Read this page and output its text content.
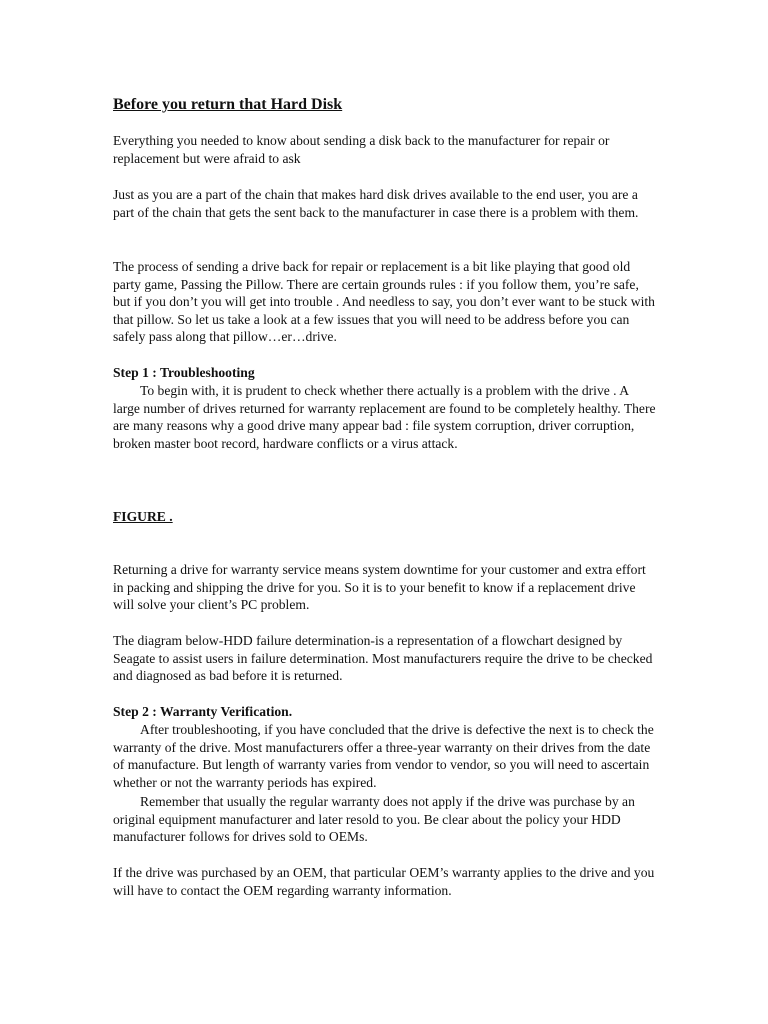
Before you return that Hard Disk

Everything you needed to know about sending a disk back to the manufacturer for repair or replacement but were afraid to ask

Just as you are a part of the chain that makes hard disk drives available to the end user, you are a part of the chain that gets the sent back to the manufacturer in case there is a problem with them.

The process of sending a drive back for repair or replacement is a bit like playing that good old party game, Passing the Pillow. There are certain grounds rules : if you follow them, you’re safe, but if you don’t you will get into trouble . And needless to say, you don’t ever want to be stuck with that pillow. So let us take a look at a few issues that you will need to be address before you can safely pass along that pillow…er…drive.

Step 1 : Troubleshooting

To begin with, it is prudent to check whether there actually is a problem with the drive . A large number of drives returned for warranty replacement are found to be completely healthy. There are many reasons why a good drive many appear bad : file system corruption, driver corruption, broken master boot record, hardware conflicts or a virus attack.

FIGURE .

Returning a drive for warranty service means system downtime for your customer and extra effort in packing and shipping the drive for you. So it is to your benefit to know if a replacement drive will solve your client’s PC problem.

The diagram below-HDD failure determination-is a representation of a flowchart designed by Seagate to assist users in failure determination. Most manufacturers require the drive to be checked and diagnosed as bad before it is returned.

Step 2 : Warranty Verification.

After troubleshooting, if you have concluded that the drive is defective the next is to check the warranty of the drive. Most manufacturers offer a three-year warranty on their drives from the date of manufacture. But length of warranty varies from vendor to vendor, so you will need to ascertain whether or not the warranty periods has expired.

Remember that usually the regular warranty does not apply if the drive was purchase by an original equipment manufacturer and later resold to you. Be clear about the policy your HDD manufacturer follows for drives sold to OEMs.

If the drive was purchased by an OEM, that particular OEM’s warranty applies to the drive and you will have to contact the OEM regarding warranty information.
